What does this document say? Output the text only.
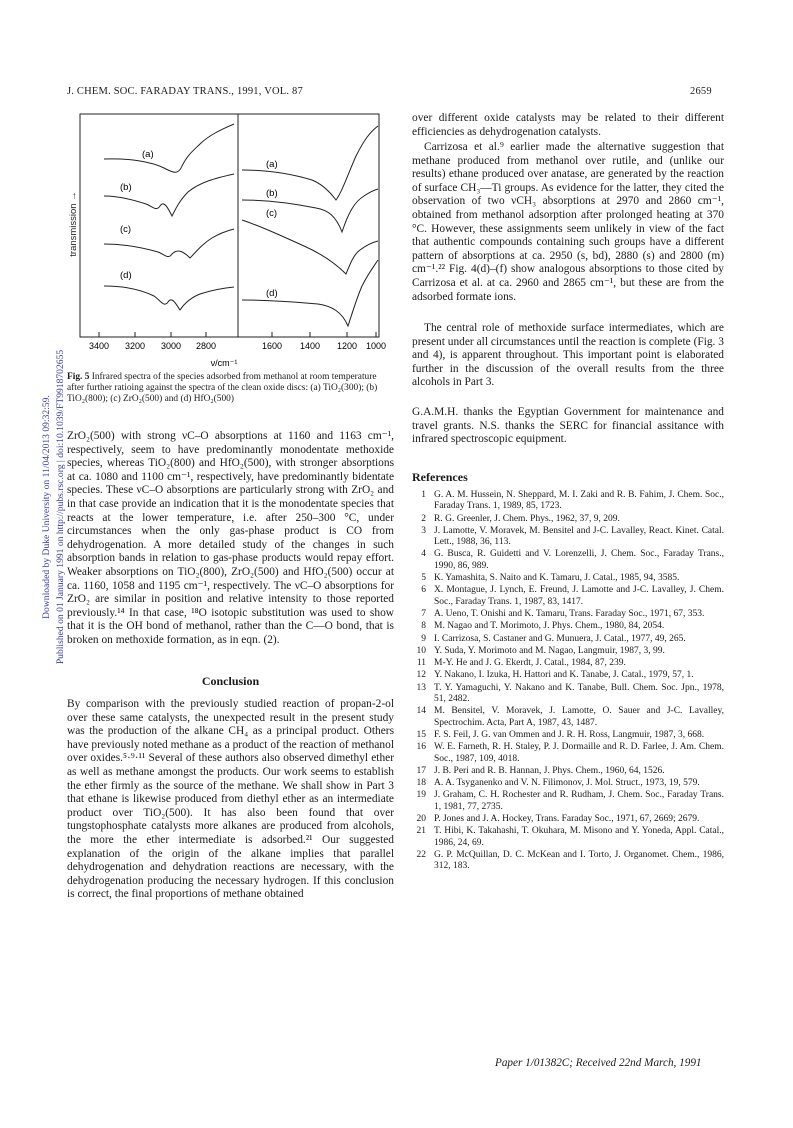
Downloaded by Duke University on 11/04/2013 09:32:59. Published on 01 January 1991 on http://pubs.rsc.org | doi:10.1039/FT9918702655
J. CHEM. SOC. FARADAY TRANS., 1991, VOL. 87	2659
transmission →
3400 3200 3000 2800	1600 1400 1200 1000
ν/cm⁻¹
(a)
(b)
(c)
(d)
(a)
(b)
(c)
(d)
Fig. 5 Infrared spectra of the species adsorbed from methanol at room temperature after further ratioing against the spectra of the clean oxide discs: (a) TiO₂(300); (b) TiO₂(800); (c) ZrO₂(500) and (d) HfO₂(500)

ZrO₂(500) with strong νC–O absorptions at 1160 and 1163 cm⁻¹, respectively, seem to have predominantly monodentate methoxide species, whereas TiO₂(800) and HfO₂(500), with stronger absorptions at ca. 1080 and 1100 cm⁻¹, respectively, have predominantly bidentate species. These νC–O absorptions are particularly strong with ZrO₂ and in that case provide an indication that it is the monodentate species that reacts at the lower temperature, i.e. after 250–300 °C, under circumstances when the only gas-phase product is CO from dehydrogenation. A more detailed study of the changes in such absorption bands in relation to gas-phase products would repay effort. Weaker absorptions on TiO₂(800), ZrO₂(500) and HfO₂(500) occur at ca. 1160, 1058 and 1195 cm⁻¹, respectively. The νC–O absorptions for ZrO₂ are similar in position and relative intensity to those reported previously.¹⁴ In that case, ¹⁸O isotopic substitution was used to show that it is the OH bond of methanol, rather than the C—O bond, that is broken on methoxide formation, as in eqn. (2).

Conclusion

By comparison with the previously studied reaction of propan-2-ol over these same catalysts, the unexpected result in the present study was the production of the alkane CH₄ as a principal product. Others have previously noted methane as a product of the reaction of methanol over oxides.⁵·⁹·¹¹ Several of these authors also observed dimethyl ether as well as methane amongst the products. Our work seems to establish the ether firmly as the source of the methane. We shall show in Part 3 that ethane is likewise produced from diethyl ether as an intermediate product over TiO₂(500). It has also been found that over tungstophosphate catalysts more alkanes are produced from alcohols, the more the ether intermediate is adsorbed.²¹ Our suggested explanation of the origin of the alkane implies that parallel dehydrogenation and dehydration reactions are necessary, with the dehydrogenation producing the necessary hydrogen. If this conclusion is correct, the final proportions of methane obtained

over different oxide catalysts may be related to their different efficiencies as dehydrogenation catalysts.

Carrizosa et al.⁹ earlier made the alternative suggestion that methane produced from methanol over rutile, and (unlike our results) ethane produced over anatase, are generated by the reaction of surface CH₃—Ti groups. As evidence for the latter, they cited the observation of two νCH₃ absorptions at 2970 and 2860 cm⁻¹, obtained from methanol adsorption after prolonged heating at 370 °C. However, these assignments seem unlikely in view of the fact that authentic compounds containing such groups have a different pattern of absorptions at ca. 2950 (s, bd), 2880 (s) and 2800 (m) cm⁻¹.²² Fig. 4(d)–(f) show analogous absorptions to those cited by Carrizosa et al. at ca. 2960 and 2865 cm⁻¹, but these are from the adsorbed formate ions.

The central role of methoxide surface intermediates, which are present under all circumstances until the reaction is complete (Fig. 3 and 4), is apparent throughout. This important point is elaborated further in the discussion of the overall results from the three alcohols in Part 3.

G.A.M.H. thanks the Egyptian Government for maintenance and travel grants. N.S. thanks the SERC for financial assitance with infrared spectroscopic equipment.

References
1 G. A. M. Hussein, N. Sheppard, M. I. Zaki and R. B. Fahim, J. Chem. Soc., Faraday Trans. 1, 1989, 85, 1723.
2 R. G. Greenler, J. Chem. Phys., 1962, 37, 9, 209.
3 J. Lamotte, V. Moravek, M. Bensitel and J-C. Lavalley, React. Kinet. Catal. Lett., 1988, 36, 113.
4 G. Busca, R. Guidetti and V. Lorenzelli, J. Chem. Soc., Faraday Trans., 1990, 86, 989.
5 K. Yamashita, S. Naito and K. Tamaru, J. Catal., 1985, 94, 3585.
6 X. Montague, J. Lynch, E. Freund, J. Lamotte and J-C. Lavalley, J. Chem. Soc., Faraday Trans. 1, 1987, 83, 1417.
7 A. Ueno, T. Onishi and K. Tamaru, Trans. Faraday Soc., 1971, 67, 353.
8 M. Nagao and T. Morimoto, J. Phys. Chem., 1980, 84, 2054.
9 I. Carrizosa, S. Castaner and G. Munuera, J. Catal., 1977, 49, 265.
10 Y. Suda, Y. Morimoto and M. Nagao, Langmuir, 1987, 3, 99.
11 M-Y. He and J. G. Ekerdt, J. Catal., 1984, 87, 239.
12 Y. Nakano, I. Izuka, H. Hattori and K. Tanabe, J. Catal., 1979, 57, 1.
13 T. Y. Yamaguchi, Y. Nakano and K. Tanabe, Bull. Chem. Soc. Jpn., 1978, 51, 2482.
14 M. Bensitel, V. Moravek, J. Lamotte, O. Sauer and J-C. Lavalley, Spectrochim. Acta, Part A, 1987, 43, 1487.
15 F. S. Feil, J. G. van Ommen and J. R. H. Ross, Langmuir, 1987, 3, 668.
16 W. E. Farneth, R. H. Staley, P. J. Dormaille and R. D. Farlee, J. Am. Chem. Soc., 1987, 109, 4018.
17 J. B. Peri and R. B. Hannan, J. Phys. Chem., 1960, 64, 1526.
18 A. A. Tsyganenko and V. N. Filimonov, J. Mol. Struct., 1973, 19, 579.
19 J. Graham, C. H. Rochester and R. Rudham, J. Chem. Soc., Faraday Trans. 1, 1981, 77, 2735.
20 P. Jones and J. A. Hockey, Trans. Faraday Soc., 1971, 67, 2669; 2679.
21 T. Hibi, K. Takahashi, T. Okuhara, M. Misono and Y. Yoneda, Appl. Catal., 1986, 24, 69.
22 G. P. McQuillan, D. C. McKean and I. Torto, J. Organomet. Chem., 1986, 312, 183.
Paper 1/01382C; Received 22nd March, 1991
